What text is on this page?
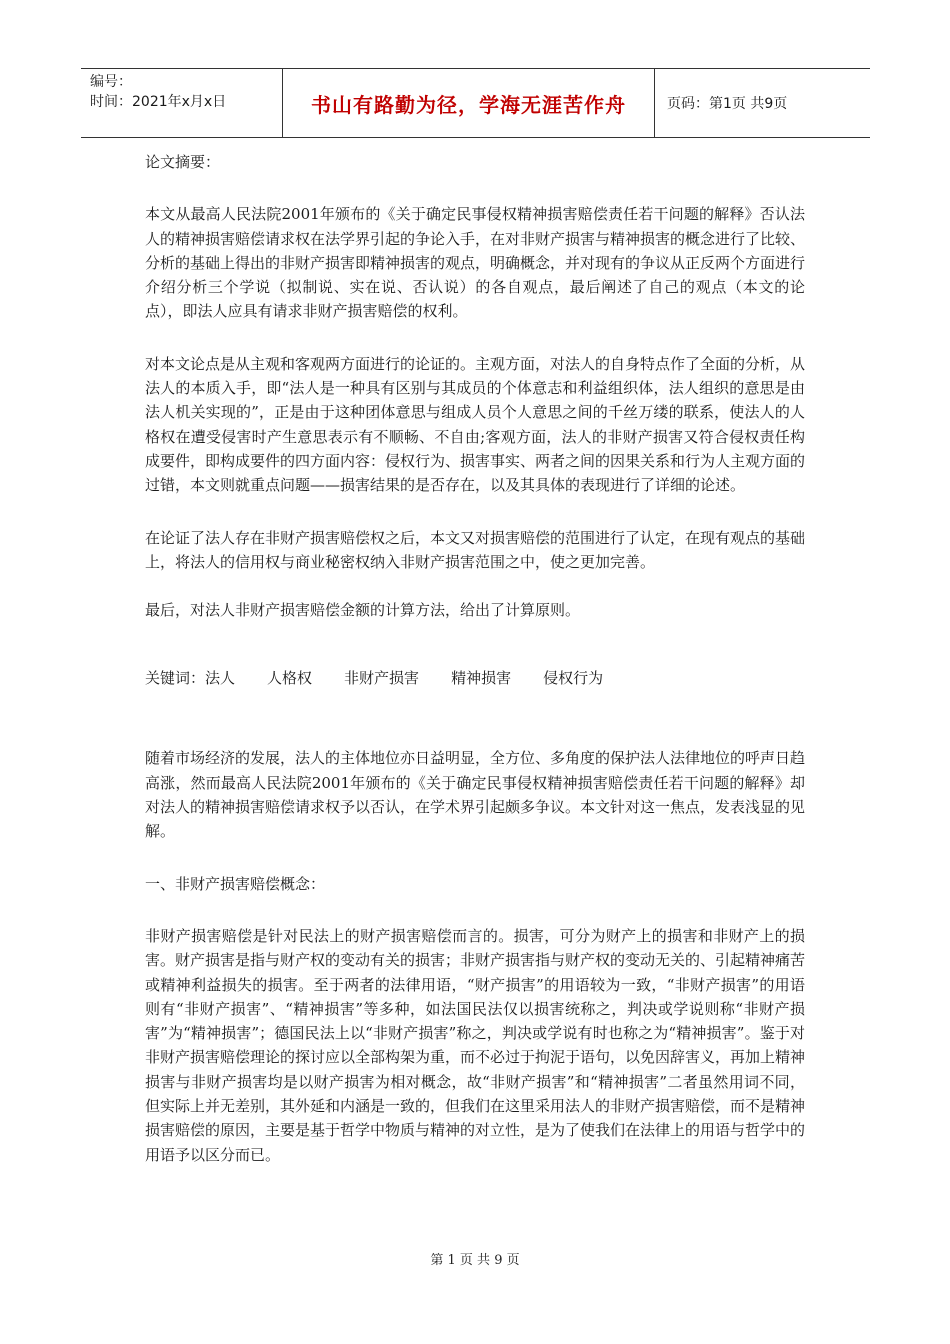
编号：
时间：2021年x月x日	书山有路勤为径，学海无涯苦作舟	页码：第1页 共9页

论文摘要：

本文从最高人民法院2001年颁布的《关于确定民事侵权精神损害赔偿责任若干问题的解释》否认法人的精神损害赔偿请求权在法学界引起的争论入手，在对非财产损害与精神损害的概念进行了比较、分析的基础上得出的非财产损害即精神损害的观点，明确概念，并对现有的争议从正反两个方面进行介绍分析三个学说（拟制说、实在说、否认说）的各自观点，最后阐述了自己的观点（本文的论点），即法人应具有请求非财产损害赔偿的权利。

对本文论点是从主观和客观两方面进行的论证的。主观方面，对法人的自身特点作了全面的分析，从法人的本质入手，即“法人是一种具有区别与其成员的个体意志和利益组织体，法人组织的意思是由法人机关实现的”，正是由于这种团体意思与组成人员个人意思之间的千丝万缕的联系，使法人的人格权在遭受侵害时产生意思表示有不顺畅、不自由;客观方面，法人的非财产损害又符合侵权责任构成要件，即构成要件的四方面内容：侵权行为、损害事实、两者之间的因果关系和行为人主观方面的过错，本文则就重点问题——损害结果的是否存在，以及其具体的表现进行了详细的论述。

在论证了法人存在非财产损害赔偿权之后，本文又对损害赔偿的范围进行了认定，在现有观点的基础上，将法人的信用权与商业秘密权纳入非财产损害范围之中，使之更加完善。

最后，对法人非财产损害赔偿金额的计算方法，给出了计算原则。

关键词： 法人 人格权 非财产损害 精神损害 侵权行为

随着市场经济的发展，法人的主体地位亦日益明显，全方位、多角度的保护法人法律地位的呼声日趋高涨，然而最高人民法院2001年颁布的《关于确定民事侵权精神损害赔偿责任若干问题的解释》却对法人的精神损害赔偿请求权予以否认，在学术界引起颇多争议。本文针对这一焦点，发表浅显的见解。

一、非财产损害赔偿概念：

非财产损害赔偿是针对民法上的财产损害赔偿而言的。损害，可分为财产上的损害和非财产上的损害。财产损害是指与财产权的变动有关的损害；非财产损害指与财产权的变动无关的、引起精神痛苦或精神利益损失的损害。至于两者的法律用语，“财产损害”的用语较为一致，“非财产损害”的用语则有“非财产损害”、“精神损害”等多种，如法国民法仅以损害统称之，判决或学说则称“非财产损害”为“精神损害”；德国民法上以“非财产损害”称之，判决或学说有时也称之为“精神损害”。鉴于对非财产损害赔偿理论的探讨应以全部构架为重，而不必过于拘泥于语句，以免因辞害义，再加上精神损害与非财产损害均是以财产损害为相对概念，故“非财产损害”和“精神损害”二者虽然用词不同，但实际上并无差别，其外延和内涵是一致的，但我们在这里采用法人的非财产损害赔偿，而不是精神损害赔偿的原因，主要是基于哲学中物质与精神的对立性，是为了使我们在法律上的用语与哲学中的用语予以区分而已。

第 1 页 共 9 页
